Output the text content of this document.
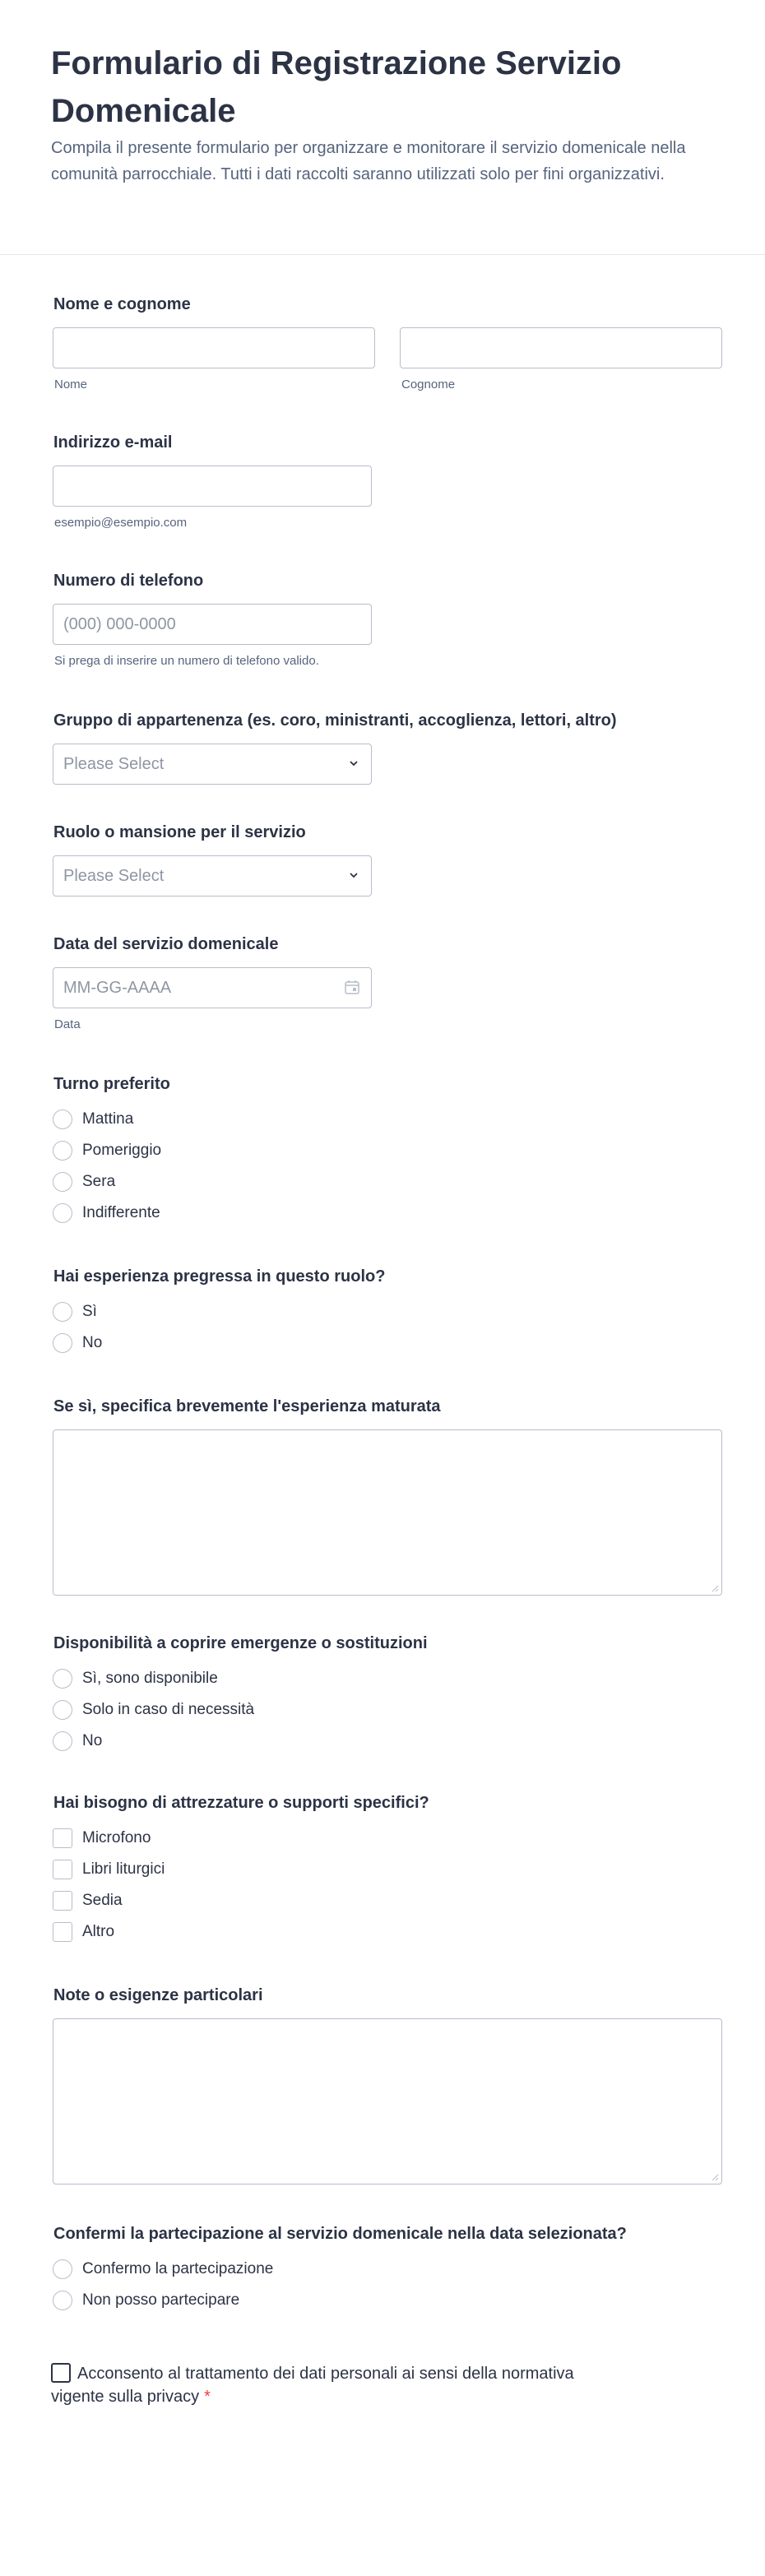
Formulario di Registrazione Servizio Domenicale

Compila il presente formulario per organizzare e monitorare il servizio domenicale nella comunità parrocchiale. Tutti i dati raccolti saranno utilizzati solo per fini organizzativi.

Nome e cognome
Nome	Cognome
Indirizzo e-mail
esempio@esempio.com
Numero di telefono
(000) 000-0000
Si prega di inserire un numero di telefono valido.
Gruppo di appartenenza (es. coro, ministranti, accoglienza, lettori, altro)
Please Select
Ruolo o mansione per il servizio
Please Select
Data del servizio domenicale
MM-GG-AAAA
Data
Turno preferito
Mattina
Pomeriggio
Sera
Indifferente
Hai esperienza pregressa in questo ruolo?
Sì
No
Se sì, specifica brevemente l'esperienza maturata
Disponibilità a coprire emergenze o sostituzioni
Sì, sono disponibile
Solo in caso di necessità
No
Hai bisogno di attrezzature o supporti specifici?
Microfono
Libri liturgici
Sedia
Altro
Note o esigenze particolari
Confermi la partecipazione al servizio domenicale nella data selezionata?
Confermo la partecipazione
Non posso partecipare
Acconsento al trattamento dei dati personali ai sensi della normativa vigente sulla privacy *
